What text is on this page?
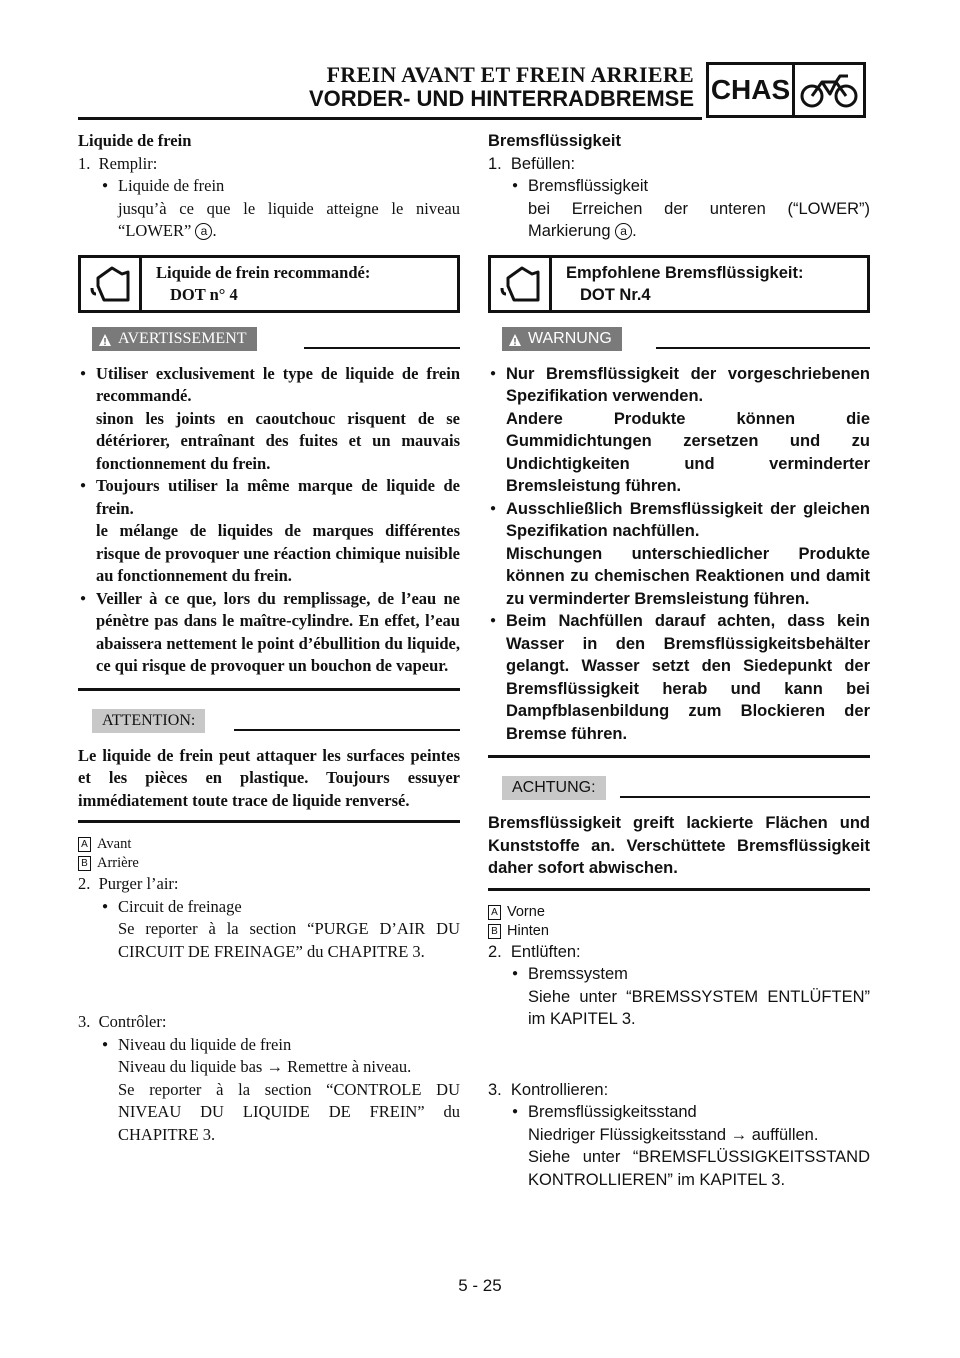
FREIN AVANT ET FREIN ARRIERE
VORDER- UND HINTERRADBREMSE CHAS

Liquide de frein

1.  Remplir:

● Liquide de frein

jusqu’à ce que le liquide atteigne le niveau “LOWER” a .

Liquide de frein recommandé:
DOT n° 4
AVERTISSEMENT

● Utiliser exclusivement le type de liquide de frein recommandé.

sinon les joints en caoutchouc risquent de se détériorer, entraînant des fuites et un mauvais fonctionnement du frein.

● Toujours utiliser la même marque de liquide de frein.

le mélange de liquides de marques différentes risque de provoquer une réaction chimique nuisible au fonctionnement du frein.

● Veiller à ce que, lors du remplissage, de l’eau ne pénètre pas dans le maître-cylindre. En effet, l’eau abaissera nettement le point d’ébullition du liquide, ce qui risque de provoquer un bouchon de vapeur.

ATTENTION:

Le liquide de frein peut attaquer les surfaces peintes et les pièces en plastique. Toujours essuyer immédiatement toute trace de liquide renversé.

A Avant

B Arrière

2.  Purger l’air:

● Circuit de freinage

Se reporter à la section “PURGE D’AIR DU CIRCUIT DE FREINAGE” du CHAPITRE 3.

3.  Contrôler:

● Niveau du liquide de frein

Niveau du liquide bas → Remettre à niveau.

Se reporter à la section “CONTROLE DU NIVEAU DU LIQUIDE DE FREIN” du CHAPITRE 3.

Bremsflüssigkeit

1.  Befüllen:

● Bremsflüssigkeit

bei Erreichen der unteren (“LOWER”) Markierung a .

Empfohlene Bremsflüssigkeit:
DOT Nr.4
WARNUNG

● Nur Bremsflüssigkeit der vorgeschriebenen Spezifikation verwenden.

Andere Produkte können die Gummidichtungen zersetzen und zu Undichtigkeiten und verminderter Bremsleistung führen.

● Ausschließlich Bremsflüssigkeit der gleichen Spezifikation nachfüllen.

Mischungen unterschiedlicher Produkte können zu chemischen Reaktionen und damit zu verminderter Bremsleistung führen.

● Beim Nachfüllen darauf achten, dass kein Wasser in den Bremsflüssigkeitsbehälter gelangt. Wasser setzt den Siedepunkt der Bremsflüssigkeit herab und kann bei Dampfblasenbildung zum Blockieren der Bremse führen.

ACHTUNG:

Bremsflüssigkeit greift lackierte Flächen und Kunststoffe an. Verschüttete Bremsflüssigkeit daher sofort abwischen.

A Vorne

B Hinten

2.  Entlüften:

● Bremssystem

Siehe unter “BREMSSYSTEM ENTLÜFTEN” im KAPITEL 3.

3.  Kontrollieren:

● Bremsflüssigkeitsstand

Niedriger Flüssigkeitsstand → auffüllen.

Siehe unter “BREMSFLÜSSIGKEITSSTAND KONTROLLIEREN” im KAPITEL 3.

5 - 25
